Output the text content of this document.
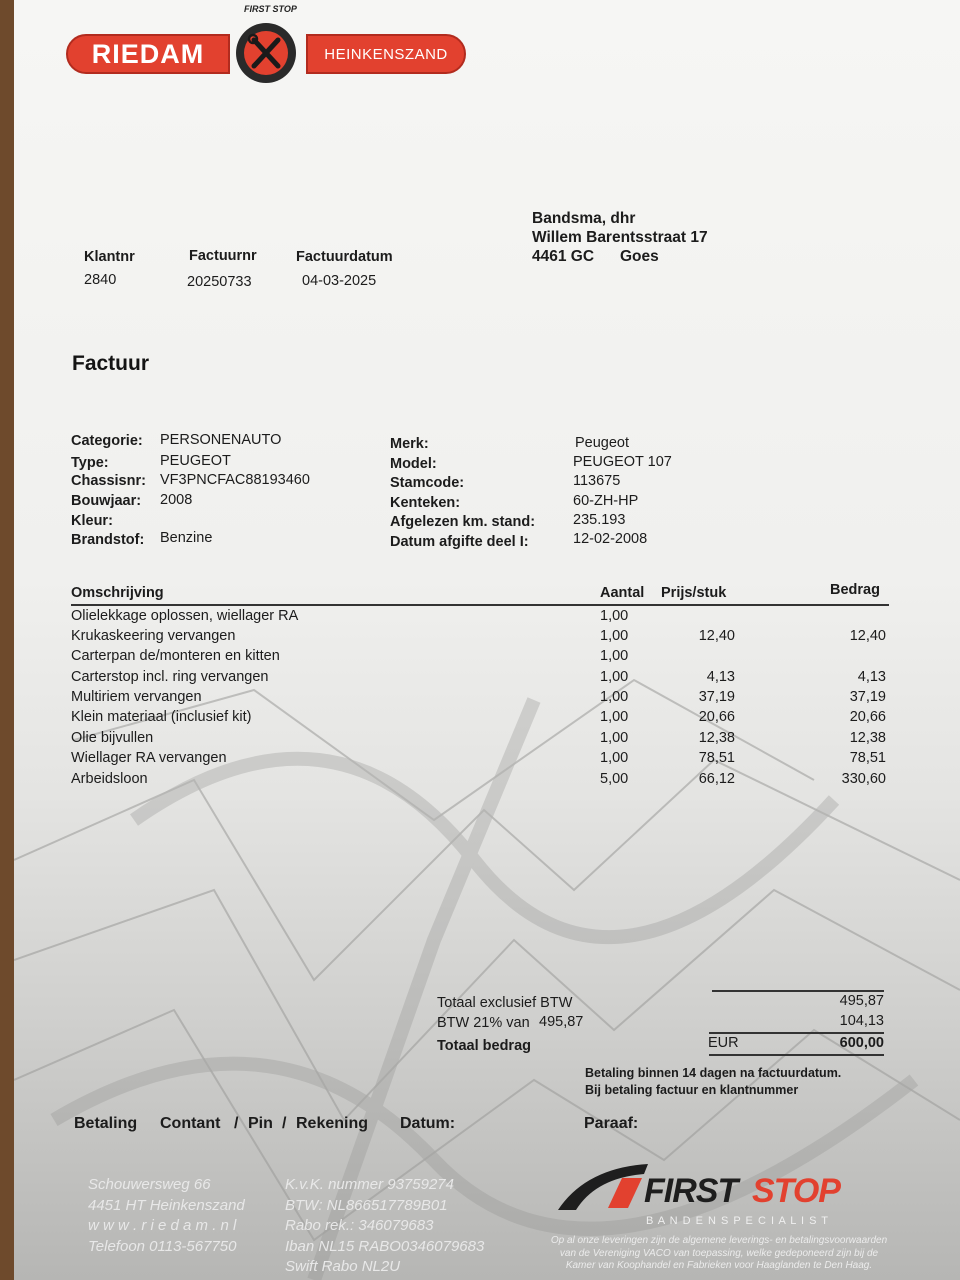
FIRST STOP
RIEDAM	HEINKENSZAND
Bandsma, dhr
Willem Barentsstraat 17
4461 GC Goes
Klantnr
2840
Factuurnr
20250733
Factuurdatum
04-03-2025
Factuur
Categorie: PERSONENAUTO
Type:	PEUGEOT
Chassisnr: VF3PNCFAC88193460
Bouwjaar: 2008
Kleur:
Brandstof: Benzine
Merk:	Peugeot
Model:	PEUGEOT 107
Stamcode:	113675
Kenteken:	60-ZH-HP
Afgelezen km. stand:	235.193
Datum afgifte deel I:	12-02-2008
Omschrijving	Aantal Prijs/stuk	Bedrag
Olielekkage oplossen, wiellager RA	1,00
Krukaskeering vervangen	1,00	12,40	12,40
Carterpan de/monteren en kitten	1,00
Carterstop incl. ring vervangen	1,00	4,13	4,13
Multiriem vervangen	1,00	37,19	37,19
Klein materiaal (inclusief kit)	1,00	20,66	20,66
Olie bijvullen	1,00	12,38	12,38
Wiellager RA vervangen	1,00	78,51	78,51
Arbeidsloon	5,00	66,12	330,60
Totaal exclusief BTW	495,87
BTW 21% van 495,87	104,13
Totaal bedrag	EUR	600,00
Betaling binnen 14 dagen na factuurdatum.
Bij betaling factuur en klantnummer
Betaling Contant / Pin / Rekening Datum:	Paraaf:
Schouwersweg 66
4451 HT Heinkenszand
w w w . r i e d a m . n l
Telefoon 0113-567750
K.v.K. nummer 93759274
BTW: NL866517789B01
Rabo rek.: 346079683
Iban NL15 RABO0346079683
Swift Rabo NL2U
FIRST STOP
B A N D E N S P E C I A L I S T
Op al onze leveringen zijn de algemene leverings- en betalingsvoorwaarden
van de Vereniging VACO van toepassing, welke gedeponeerd zijn bij de
Kamer van Koophandel en Fabrieken voor Haaglanden te Den Haag.
